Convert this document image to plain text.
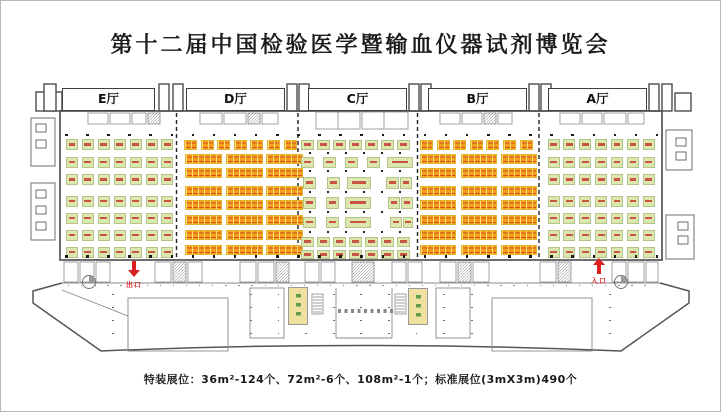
第十二届中国检验医学暨输血仪器试剂博览会
E厅	D厅	C厅	B厅	A厅
出口	入口
特装展位：36m²-124个、72m²-6个、108m²-1个；标准展位(3mX3m)490个
